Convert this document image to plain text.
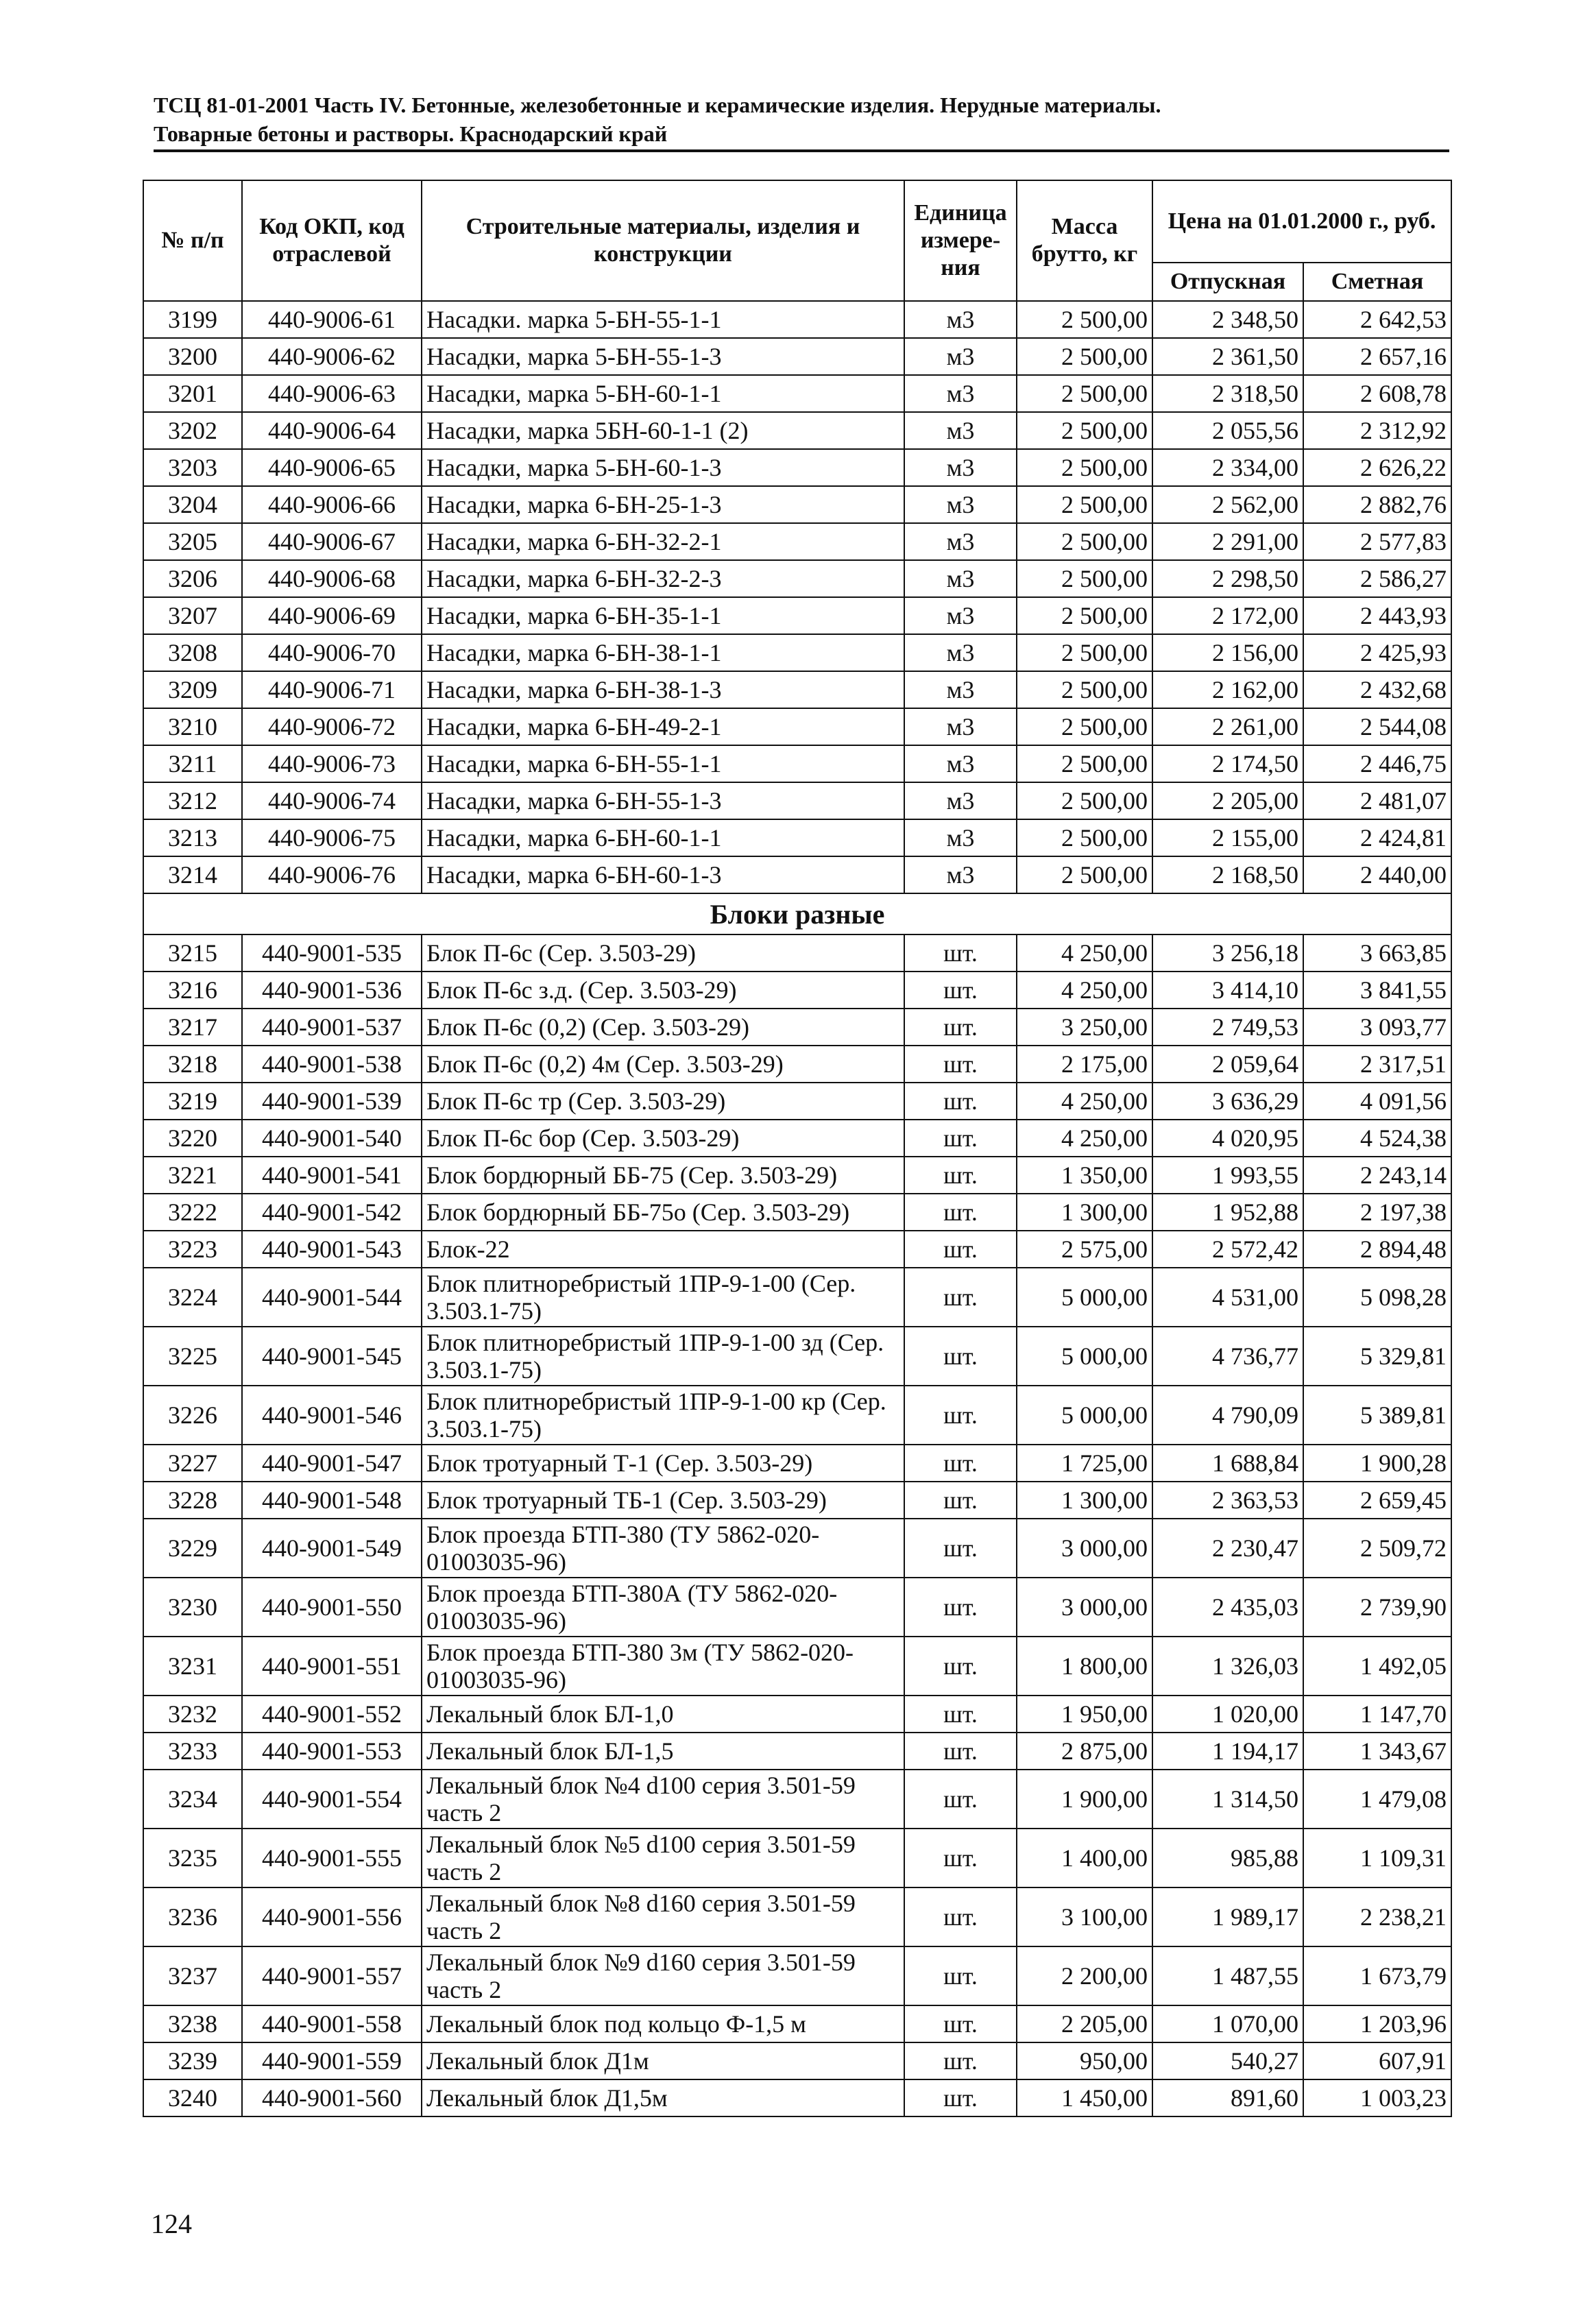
ТСЦ 81-01-2001 Часть IV. Бетонные, железобетонные и керамические изделия. Нерудные материалы.
Товарные бетоны и растворы. Краснодарский край
№ п/п	Код ОКП, код отраслевой	Строительные материалы, изделия и конструкции	Единица измере-ния	Масса брутто, кг	Цена на 01.01.2000 г., руб.	
					Отпускная	Сметная
3199	440-9006-61	Насадки. марка 5-БН-55-1-1	м3	2 500,00	2 348,50	2 642,53
3200	440-9006-62	Насадки, марка 5-БН-55-1-3	м3	2 500,00	2 361,50	2 657,16
3201	440-9006-63	Насадки, марка 5-БН-60-1-1	м3	2 500,00	2 318,50	2 608,78
3202	440-9006-64	Насадки, марка 5БН-60-1-1 (2)	м3	2 500,00	2 055,56	2 312,92
3203	440-9006-65	Насадки, марка 5-БН-60-1-3	м3	2 500,00	2 334,00	2 626,22
3204	440-9006-66	Насадки, марка 6-БН-25-1-3	м3	2 500,00	2 562,00	2 882,76
3205	440-9006-67	Насадки, марка 6-БН-32-2-1	м3	2 500,00	2 291,00	2 577,83
3206	440-9006-68	Насадки, марка 6-БН-32-2-3	м3	2 500,00	2 298,50	2 586,27
3207	440-9006-69	Насадки, марка 6-БН-35-1-1	м3	2 500,00	2 172,00	2 443,93
3208	440-9006-70	Насадки, марка 6-БН-38-1-1	м3	2 500,00	2 156,00	2 425,93
3209	440-9006-71	Насадки, марка 6-БН-38-1-3	м3	2 500,00	2 162,00	2 432,68
3210	440-9006-72	Насадки, марка 6-БН-49-2-1	м3	2 500,00	2 261,00	2 544,08
3211	440-9006-73	Насадки, марка 6-БН-55-1-1	м3	2 500,00	2 174,50	2 446,75
3212	440-9006-74	Насадки, марка 6-БН-55-1-3	м3	2 500,00	2 205,00	2 481,07
3213	440-9006-75	Насадки, марка 6-БН-60-1-1	м3	2 500,00	2 155,00	2 424,81
3214	440-9006-76	Насадки, марка 6-БН-60-1-3	м3	2 500,00	2 168,50	2 440,00
Блоки разные						
3215	440-9001-535	Блок П-6с (Сер. 3.503-29)	шт.	4 250,00	3 256,18	3 663,85
3216	440-9001-536	Блок П-6с з.д. (Сер. 3.503-29)	шт.	4 250,00	3 414,10	3 841,55
3217	440-9001-537	Блок П-6с (0,2) (Сер. 3.503-29)	шт.	3 250,00	2 749,53	3 093,77
3218	440-9001-538	Блок П-6с (0,2) 4м (Сер. 3.503-29)	шт.	2 175,00	2 059,64	2 317,51
3219	440-9001-539	Блок П-6с тр (Сер. 3.503-29)	шт.	4 250,00	3 636,29	4 091,56
3220	440-9001-540	Блок П-6с бор (Сер. 3.503-29)	шт.	4 250,00	4 020,95	4 524,38
3221	440-9001-541	Блок бордюрный ББ-75 (Сер. 3.503-29)	шт.	1 350,00	1 993,55	2 243,14
3222	440-9001-542	Блок бордюрный ББ-75о (Сер. 3.503-29)	шт.	1 300,00	1 952,88	2 197,38
3223	440-9001-543	Блок-22	шт.	2 575,00	2 572,42	2 894,48
3224	440-9001-544	Блок плитноребристый 1ПР-9-1-00 (Сер. 3.503.1-75)	шт.	5 000,00	4 531,00	5 098,28
3225	440-9001-545	Блок плитноребристый 1ПР-9-1-00 зд (Сер. 3.503.1-75)	шт.	5 000,00	4 736,77	5 329,81
3226	440-9001-546	Блок плитноребристый 1ПР-9-1-00 кр (Сер. 3.503.1-75)	шт.	5 000,00	4 790,09	5 389,81
3227	440-9001-547	Блок тротуарный Т-1 (Сер. 3.503-29)	шт.	1 725,00	1 688,84	1 900,28
3228	440-9001-548	Блок тротуарный ТБ-1 (Сер. 3.503-29)	шт.	1 300,00	2 363,53	2 659,45
3229	440-9001-549	Блок проезда БТП-380 (ТУ 5862-020-01003035-96)	шт.	3 000,00	2 230,47	2 509,72
3230	440-9001-550	Блок проезда БТП-380А (ТУ 5862-020-01003035-96)	шт.	3 000,00	2 435,03	2 739,90
3231	440-9001-551	Блок проезда БТП-380 3м (ТУ 5862-020-01003035-96)	шт.	1 800,00	1 326,03	1 492,05
3232	440-9001-552	Лекальный блок БЛ-1,0	шт.	1 950,00	1 020,00	1 147,70
3233	440-9001-553	Лекальный блок БЛ-1,5	шт.	2 875,00	1 194,17	1 343,67
3234	440-9001-554	Лекальный блок №4 d100 серия 3.501-59 часть 2	шт.	1 900,00	1 314,50	1 479,08
3235	440-9001-555	Лекальный блок №5 d100 серия 3.501-59 часть 2	шт.	1 400,00	985,88	1 109,31
3236	440-9001-556	Лекальный блок №8 d160 серия 3.501-59 часть 2	шт.	3 100,00	1 989,17	2 238,21
3237	440-9001-557	Лекальный блок №9 d160 серия 3.501-59 часть 2	шт.	2 200,00	1 487,55	1 673,79
3238	440-9001-558	Лекальный блок под кольцо Ф-1,5 м	шт.	2 205,00	1 070,00	1 203,96
3239	440-9001-559	Лекальный блок Д1м	шт.	950,00	540,27	607,91
3240	440-9001-560	Лекальный блок Д1,5м	шт.	1 450,00	891,60	1 003,23
124
